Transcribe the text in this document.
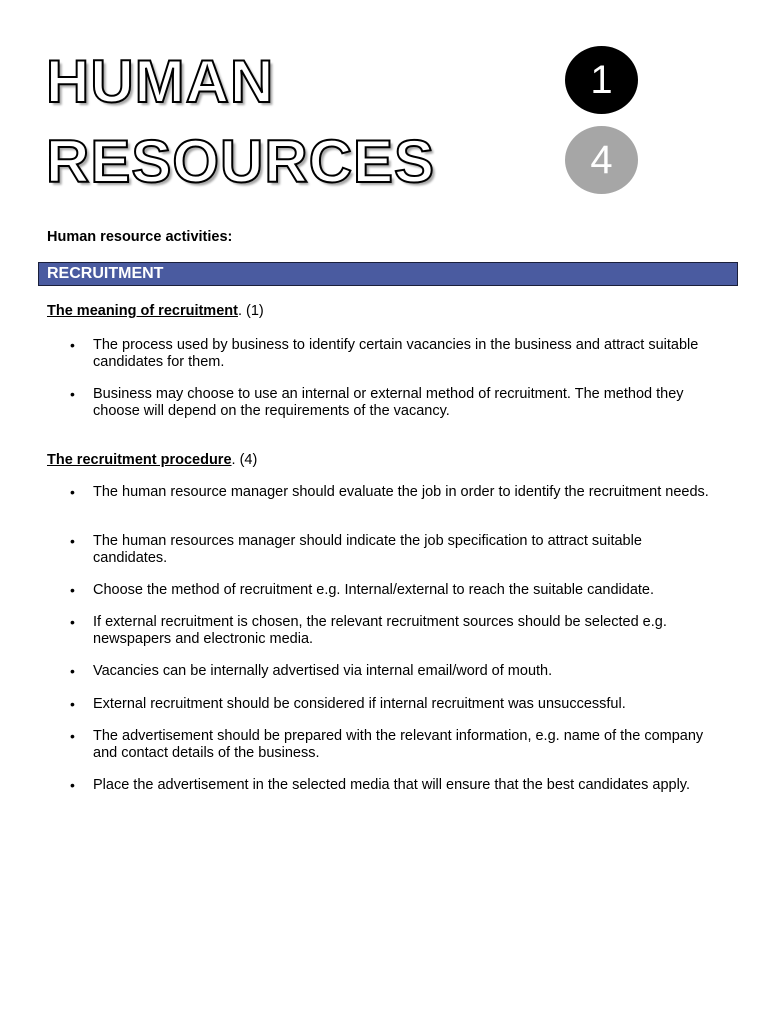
HUMAN
RESOURCES
1
4

Human resource activities:

RECRUITMENT

The meaning of recruitment. (1)

• The process used by business to identify certain vacancies in the business and attract suitable candidates for them.
• Business may choose to use an internal or external method of recruitment. The method they choose will depend on the requirements of the vacancy.

The recruitment procedure. (4)

• The human resource manager should evaluate the job in order to identify the recruitment needs.
• The human resources manager should indicate the job specification to attract suitable candidates.
• Choose the method of recruitment e.g. Internal/external to reach the suitable candidate.
• If external recruitment is chosen, the relevant recruitment sources should be selected e.g. newspapers and electronic media.
• Vacancies can be internally advertised via internal email/word of mouth.
• External recruitment should be considered if internal recruitment was unsuccessful.
• The advertisement should be prepared with the relevant information, e.g. name of the company and contact details of the business.
• Place the advertisement in the selected media that will ensure that the best candidates apply.
